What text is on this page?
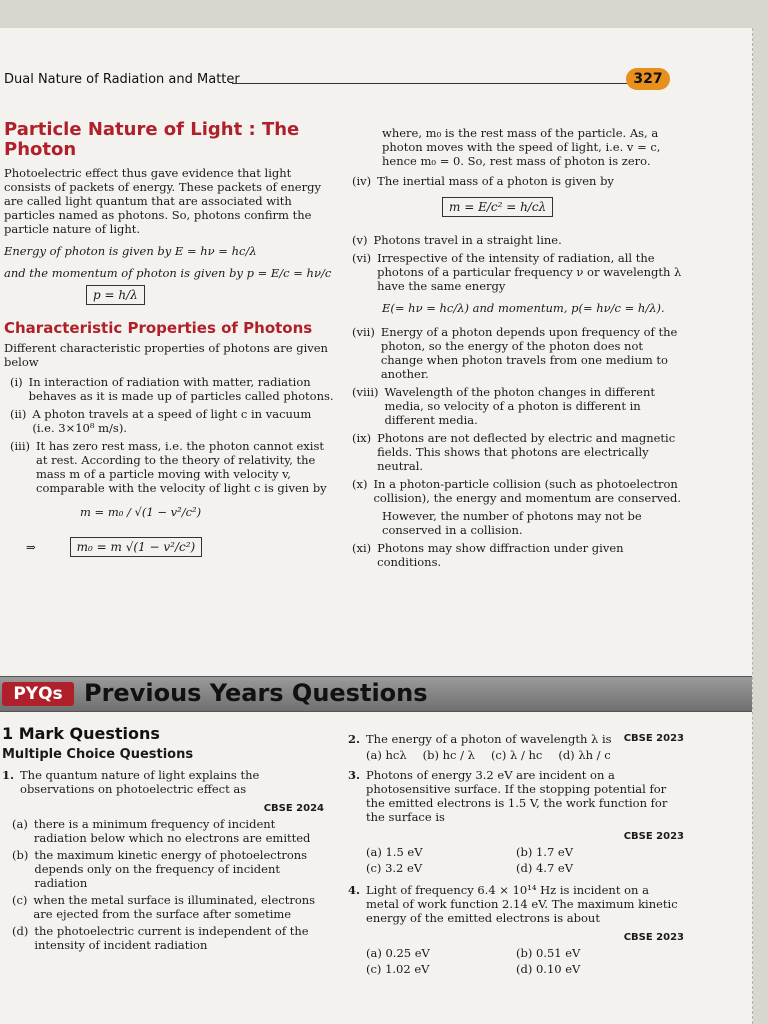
Dual Nature of Radiation and Matter	327
Particle Nature of Light : The Photon
Photoelectric effect thus gave evidence that light consists of packets of energy. These packets of energy are called light quantum that are associated with particles named as photons. So, photons confirm the particle nature of light.
Energy of photon is given by E = hν = hc/λ
and the momentum of photon is given by p = E/c = hν/c
p = h/λ
Characteristic Properties of Photons
Different characteristic properties of photons are given below
(i) In interaction of radiation with matter, radiation behaves as it is made up of particles called photons.
(ii) A photon travels at a speed of light c in vacuum (i.e. 3×10⁸ m/s).
(iii) It has zero rest mass, i.e. the photon cannot exist at rest. According to the theory of relativity, the mass m of a particle moving with velocity v, comparable with the velocity of light c is given by
m = m₀ / √(1 − v²/c²)
⇒	m₀ = m √(1 − v²/c²)
where, m₀ is the rest mass of the particle. As, a photon moves with the speed of light, i.e. v = c, hence m₀ = 0. So, rest mass of photon is zero.
(iv) The inertial mass of a photon is given by
m = E/c² = h/cλ
(v) Photons travel in a straight line.
(vi) Irrespective of the intensity of radiation, all the photons of a particular frequency ν or wavelength λ have the same energy
E(= hν = hc/λ) and momentum, p(= hν/c = h/λ).
(vii) Energy of a photon depends upon frequency of the photon, so the energy of the photon does not change when photon travels from one medium to another.
(viii) Wavelength of the photon changes in different media, so velocity of a photon is different in different media.
(ix) Photons are not deflected by electric and magnetic fields. This shows that photons are electrically neutral.
(x) In a photon-particle collision (such as photoelectron collision), the energy and momentum are conserved.
However, the number of photons may not be conserved in a collision.
(xi) Photons may show diffraction under given conditions.
PYQs Previous Years Questions
1 Mark Questions
Multiple Choice Questions
1. The quantum nature of light explains the observations on photoelectric effect as
CBSE 2024
(a) there is a minimum frequency of incident radiation below which no electrons are emitted
(b) the maximum kinetic energy of photoelectrons depends only on the frequency of incident radiation
(c) when the metal surface is illuminated, electrons are ejected from the surface after sometime
(d) the photoelectric current is independent of the intensity of incident radiation
2. The energy of a photon of wavelength λ is CBSE 2023
(a) hcλ (b) hc / λ (c) λ / hc (d) λh / c
3. Photons of energy 3.2 eV are incident on a photosensitive surface. If the stopping potential for the emitted electrons is 1.5 V, the work function for the surface is
CBSE 2023
(a) 1.5 eV	(b) 1.7 eV
(c) 3.2 eV	(d) 4.7 eV
4. Light of frequency 6.4 × 10¹⁴ Hz is incident on a metal of work function 2.14 eV. The maximum kinetic energy of the emitted electrons is about
CBSE 2023
(a) 0.25 eV	(b) 0.51 eV
(c) 1.02 eV	(d) 0.10 eV
